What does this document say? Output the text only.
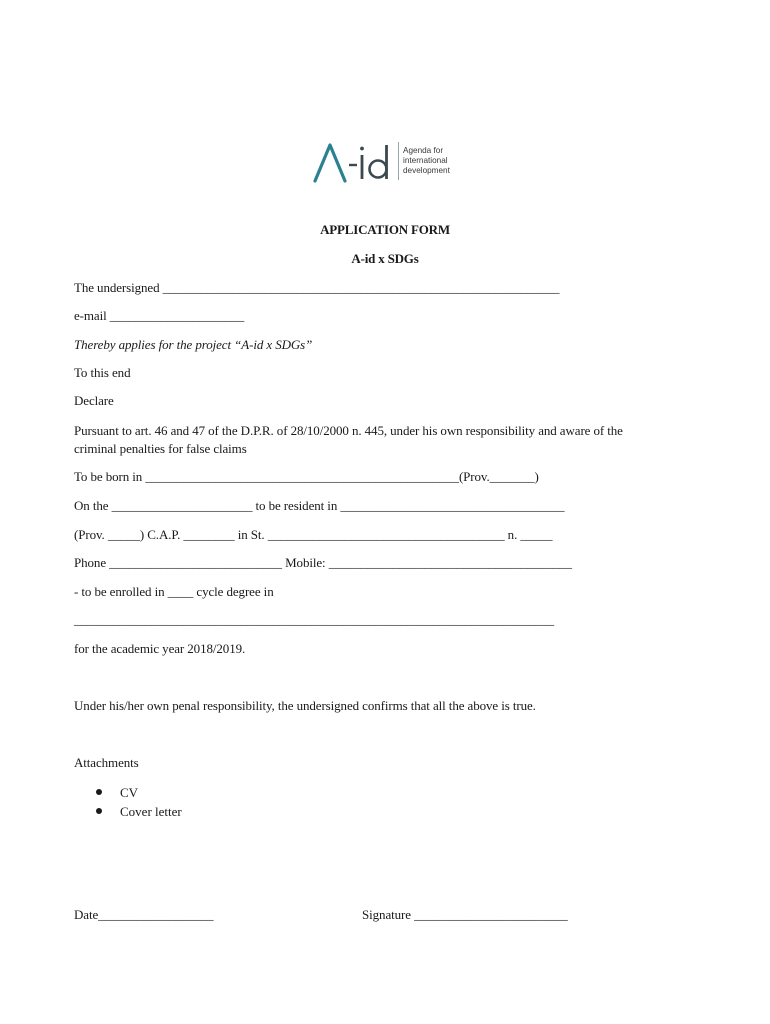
Agenda for
international
development
APPLICATION FORM
A-id x SDGs
The undersigned ______________________________________________________________
e-mail _____________________
Thereby applies for the project “A-id x SDGs”
To this end
Declare
Pursuant to art. 46 and 47 of the D.P.R. of 28/10/2000 n. 445, under his own responsibility and aware of the
criminal penalties for false claims
To be born in _________________________________________________(Prov._______)
On the ______________________ to be resident in ___________________________________
(Prov. _____) C.A.P. ________ in St. _____________________________________ n. _____
Phone ___________________________ Mobile: ______________________________________
- to be enrolled in ____ cycle degree in
___________________________________________________________________________
for the academic year 2018/2019.
Under his/her own penal responsibility, the undersigned confirms that all the above is true.
Attachments
CV
Cover letter
Date__________________	Signature ________________________
